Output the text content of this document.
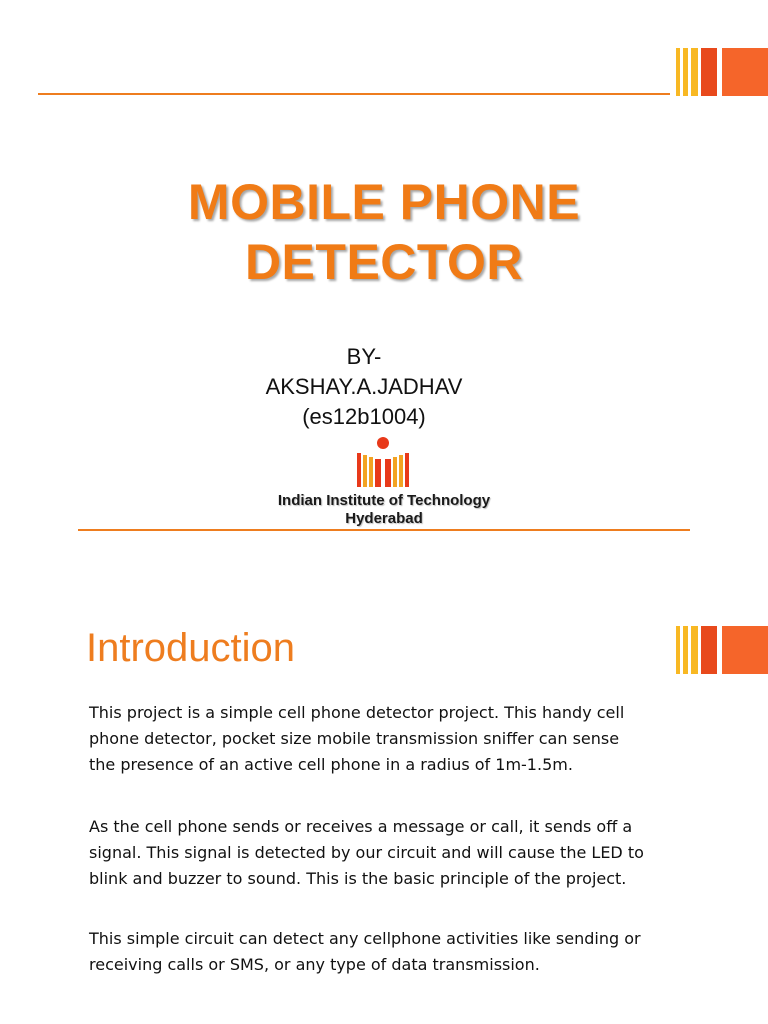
MOBILE PHONE
DETECTOR
BY-
AKSHAY.A.JADHAV
(es12b1004)
Indian Institute of Technology
Hyderabad
Introduction
This project is a simple cell phone detector project. This handy cell
phone detector, pocket size mobile transmission sniffer can sense
the presence of an active cell phone in a radius of 1m-1.5m.
As the cell phone sends or receives a message or call, it sends off a
signal. This signal is detected by our circuit and will cause the LED to
blink and buzzer to sound. This is the basic principle of the project.
This simple circuit can detect any cellphone activities like sending or
receiving calls or SMS, or any type of data transmission.
